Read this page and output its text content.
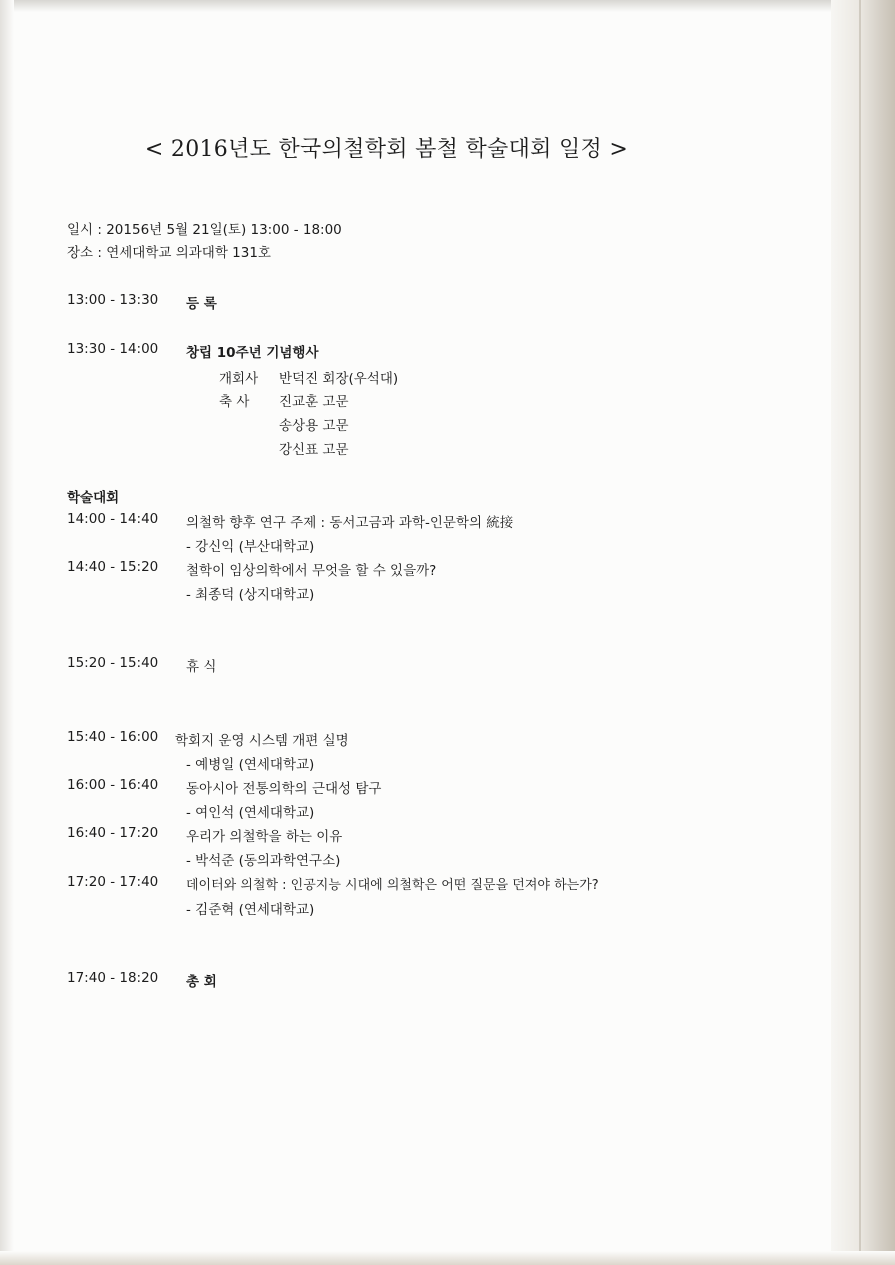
< 2016년도 한국의철학회 봄철 학술대회 일정 >
일시 : 20156년 5월 21일(토) 13:00 - 18:00
장소 : 연세대학교 의과대학 131호
13:00 - 13:30 등 록
13:30 - 14:00 창립 10주년 기념행사
개회사 반덕진 회장(우석대)
축 사 진교훈 고문
송상용 고문
강신표 고문
학술대회
14:00 - 14:40 의철학 향후 연구 주제 : 동서고금과 과학-인문학의 統接
- 강신익 (부산대학교)
14:40 - 15:20 철학이 임상의학에서 무엇을 할 수 있을까?
- 최종덕 (상지대학교)
15:20 - 15:40 휴 식
15:40 - 16:00 학회지 운영 시스템 개편 실명
- 예병일 (연세대학교)
16:00 - 16:40 동아시아 전통의학의 근대성 탐구
- 여인석 (연세대학교)
16:40 - 17:20 우리가 의철학을 하는 이유
- 박석준 (동의과학연구소)
17:20 - 17:40 데이터와 의철학 : 인공지능 시대에 의철학은 어떤 질문을 던져야 하는가?
- 김준혁 (연세대학교)
17:40 - 18:20 총 회
